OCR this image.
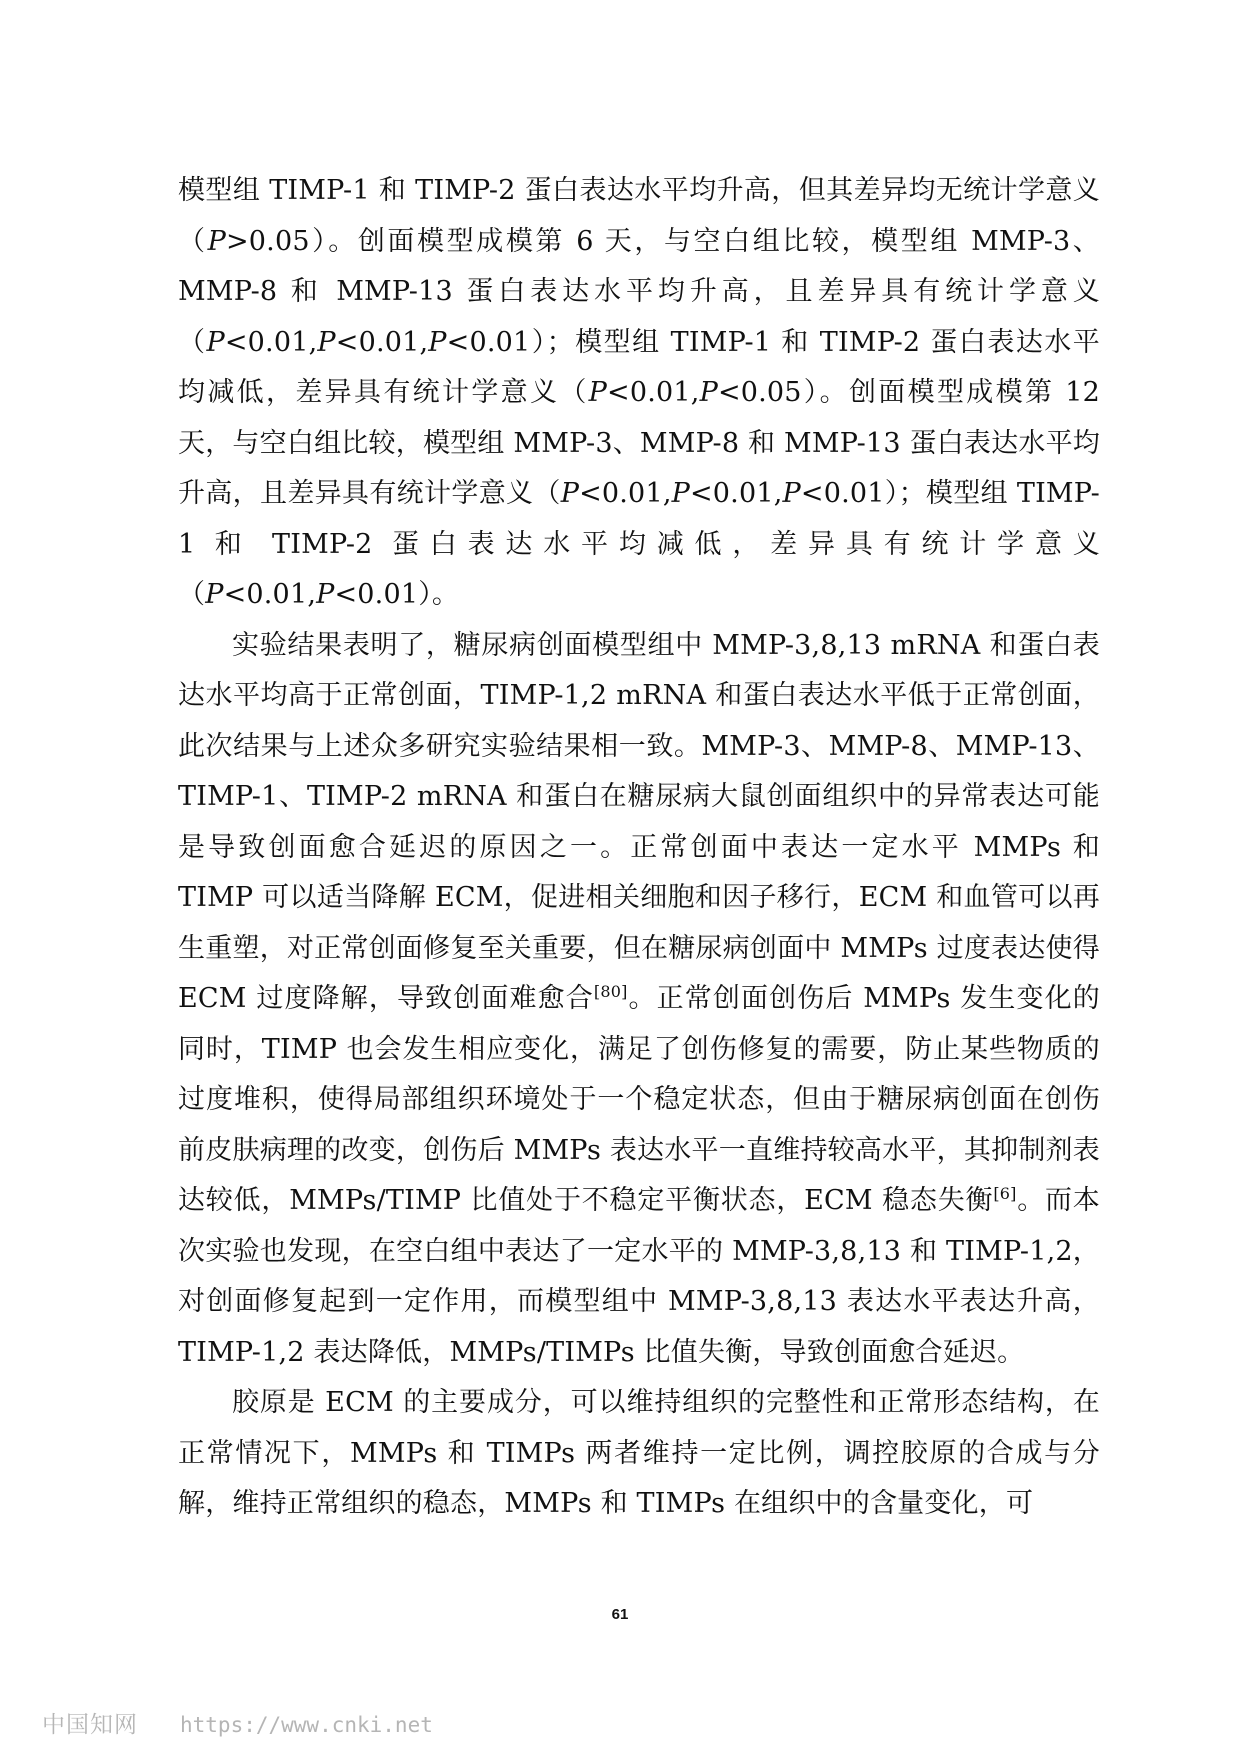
模型组 TIMP-1 和 TIMP-2 蛋白表达水平均升高，但其差异均无统计学意义（P>0.05）。创面模型成模第 6 天，与空白组比较，模型组 MMP-3、MMP-8 和 MMP-13 蛋白表达水平均升高，且差异具有统计学意义（P<0.01,P<0.01,P<0.01）；模型组 TIMP-1 和 TIMP-2 蛋白表达水平均减低，差异具有统计学意义（P<0.01,P<0.05）。创面模型成模第 12 天，与空白组比较，模型组 MMP-3、MMP-8 和 MMP-13 蛋白表达水平均升高，且差异具有统计学意义（P<0.01,P<0.01,P<0.01）；模型组 TIMP-1 和 TIMP-2 蛋白表达水平均减低，差异具有统计学意义（P<0.01,P<0.01）。

实验结果表明了，糖尿病创面模型组中 MMP-3,8,13 mRNA 和蛋白表达水平均高于正常创面，TIMP-1,2 mRNA 和蛋白表达水平低于正常创面，此次结果与上述众多研究实验结果相一致。MMP-3、MMP-8、MMP-13、TIMP-1、TIMP-2 mRNA 和蛋白在糖尿病大鼠创面组织中的异常表达可能是导致创面愈合延迟的原因之一。正常创面中表达一定水平 MMPs 和 TIMP 可以适当降解 ECM，促进相关细胞和因子移行，ECM 和血管可以再生重塑，对正常创面修复至关重要，但在糖尿病创面中 MMPs 过度表达使得 ECM 过度降解，导致创面难愈合[80]。正常创面创伤后 MMPs 发生变化的同时，TIMP 也会发生相应变化，满足了创伤修复的需要，防止某些物质的过度堆积，使得局部组织环境处于一个稳定状态，但由于糖尿病创面在创伤前皮肤病理的改变，创伤后 MMPs 表达水平一直维持较高水平，其抑制剂表达较低，MMPs/TIMP 比值处于不稳定平衡状态，ECM 稳态失衡[6]。而本次实验也发现，在空白组中表达了一定水平的 MMP-3,8,13 和 TIMP-1,2，对创面修复起到一定作用，而模型组中 MMP-3,8,13 表达水平表达升高，TIMP-1,2 表达降低，MMPs/TIMPs 比值失衡，导致创面愈合延迟。

胶原是 ECM 的主要成分，可以维持组织的完整性和正常形态结构，在正常情况下，MMPs 和 TIMPs 两者维持一定比例，调控胶原的合成与分解，维持正常组织的稳态，MMPs 和 TIMPs 在组织中的含量变化，可

61
中国知网 https://www.cnki.net
